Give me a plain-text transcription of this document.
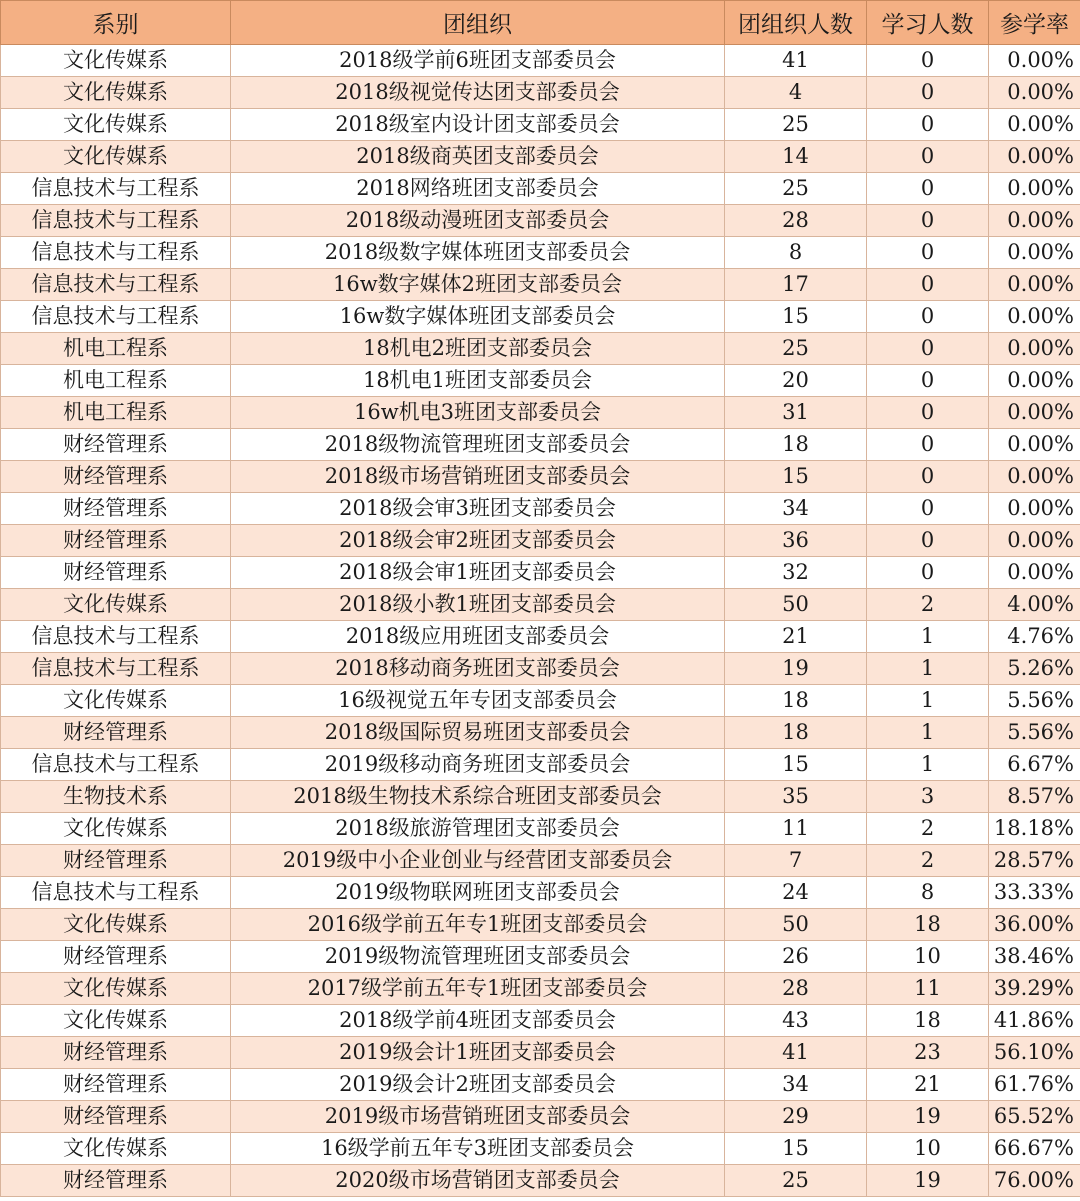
系别	团组织	团组织人数	学习人数	参学率
文化传媒系	2018级学前6班团支部委员会	41	0	0.00%
文化传媒系	2018级视觉传达团支部委员会	4	0	0.00%
文化传媒系	2018级室内设计团支部委员会	25	0	0.00%
文化传媒系	2018级商英团支部委员会	14	0	0.00%
信息技术与工程系	2018网络班团支部委员会	25	0	0.00%
信息技术与工程系	2018级动漫班团支部委员会	28	0	0.00%
信息技术与工程系	2018级数字媒体班团支部委员会	8	0	0.00%
信息技术与工程系	16w数字媒体2班团支部委员会	17	0	0.00%
信息技术与工程系	16w数字媒体班团支部委员会	15	0	0.00%
机电工程系	18机电2班团支部委员会	25	0	0.00%
机电工程系	18机电1班团支部委员会	20	0	0.00%
机电工程系	16w机电3班团支部委员会	31	0	0.00%
财经管理系	2018级物流管理班团支部委员会	18	0	0.00%
财经管理系	2018级市场营销班团支部委员会	15	0	0.00%
财经管理系	2018级会审3班团支部委员会	34	0	0.00%
财经管理系	2018级会审2班团支部委员会	36	0	0.00%
财经管理系	2018级会审1班团支部委员会	32	0	0.00%
文化传媒系	2018级小教1班团支部委员会	50	2	4.00%
信息技术与工程系	2018级应用班团支部委员会	21	1	4.76%
信息技术与工程系	2018移动商务班团支部委员会	19	1	5.26%
文化传媒系	16级视觉五年专团支部委员会	18	1	5.56%
财经管理系	2018级国际贸易班团支部委员会	18	1	5.56%
信息技术与工程系	2019级移动商务班团支部委员会	15	1	6.67%
生物技术系	2018级生物技术系综合班团支部委员会	35	3	8.57%
文化传媒系	2018级旅游管理团支部委员会	11	2	18.18%
财经管理系	2019级中小企业创业与经营团支部委员会	7	2	28.57%
信息技术与工程系	2019级物联网班团支部委员会	24	8	33.33%
文化传媒系	2016级学前五年专1班团支部委员会	50	18	36.00%
财经管理系	2019级物流管理班团支部委员会	26	10	38.46%
文化传媒系	2017级学前五年专1班团支部委员会	28	11	39.29%
文化传媒系	2018级学前4班团支部委员会	43	18	41.86%
财经管理系	2019级会计1班团支部委员会	41	23	56.10%
财经管理系	2019级会计2班团支部委员会	34	21	61.76%
财经管理系	2019级市场营销班团支部委员会	29	19	65.52%
文化传媒系	16级学前五年专3班团支部委员会	15	10	66.67%
财经管理系	2020级市场营销团支部委员会	25	19	76.00%
